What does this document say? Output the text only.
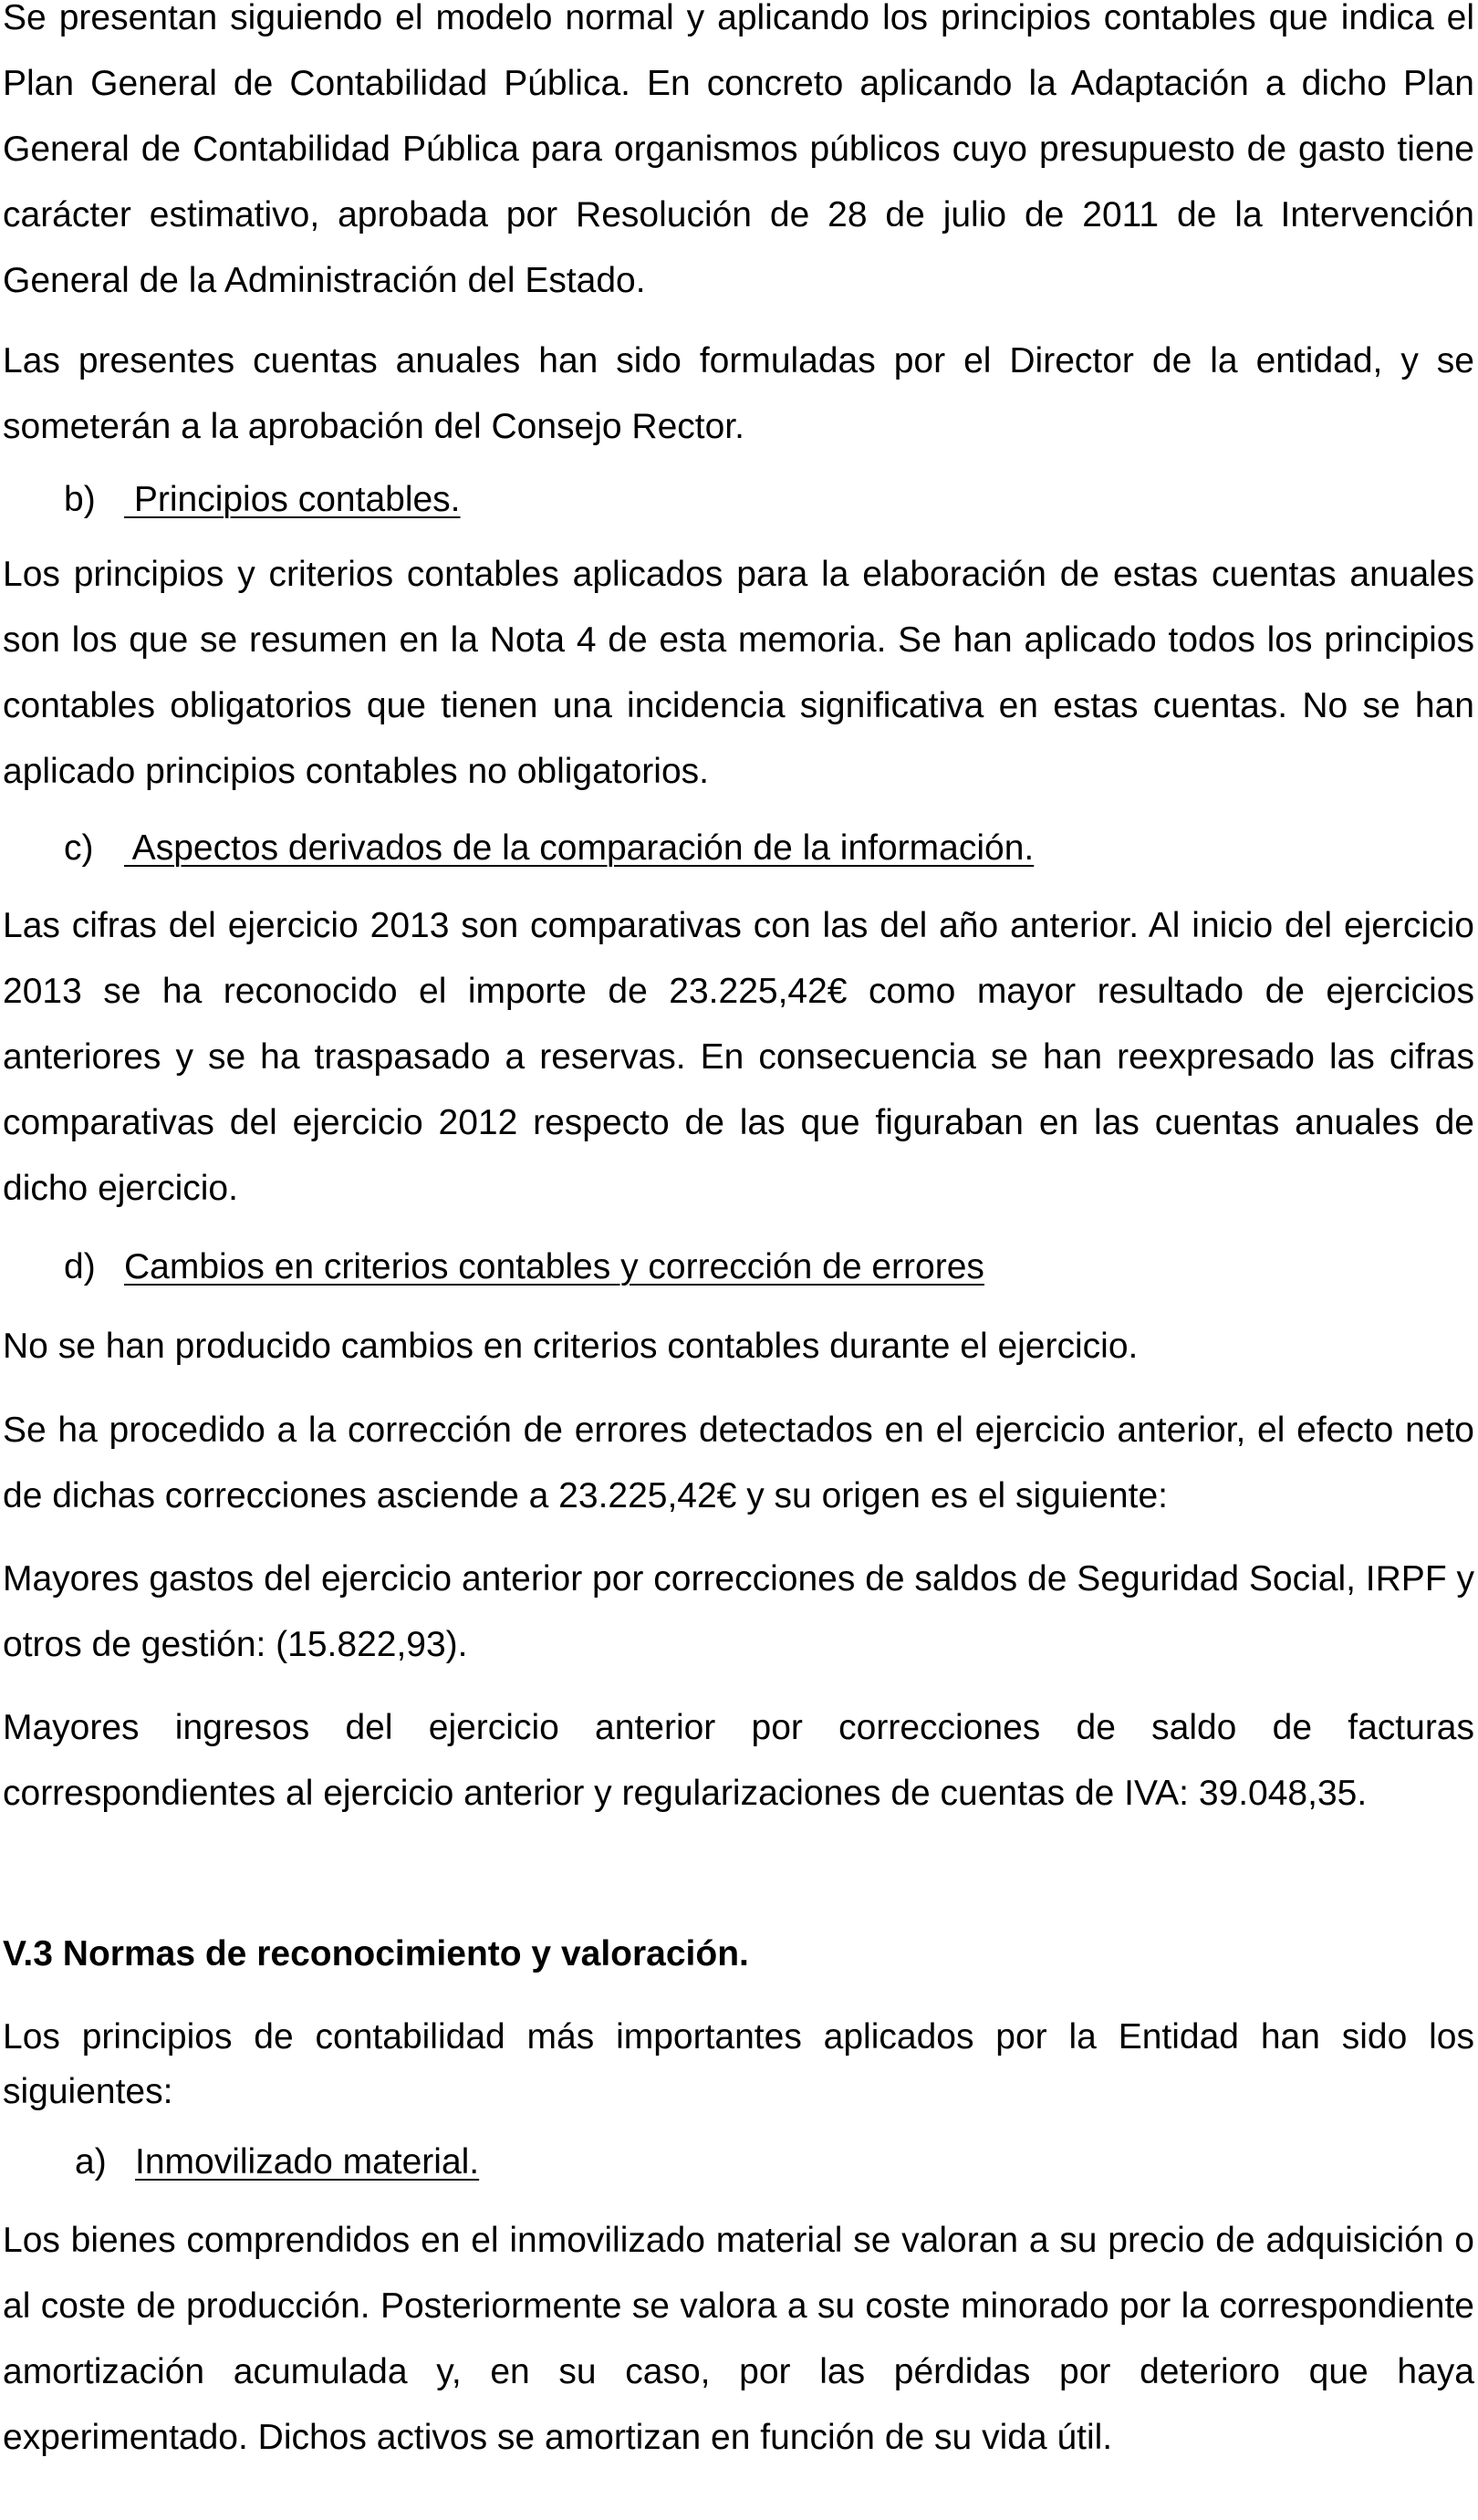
Se presentan siguiendo el modelo normal y aplicando los principios contables que indica el Plan General de Contabilidad Pública. En concreto aplicando la Adaptación a dicho Plan General de Contabilidad Pública para organismos públicos cuyo presupuesto de gasto tiene carácter estimativo, aprobada por Resolución de 28 de julio de 2011 de la Intervención General de la Administración del Estado.

Las presentes cuentas anuales han sido formuladas por el Director de la entidad, y se someterán a la aprobación del Consejo Rector.

b) Principios contables.

Los principios y criterios contables aplicados para la elaboración de estas cuentas anuales son los que se resumen en la Nota 4 de esta memoria. Se han aplicado todos los principios contables obligatorios que tienen una incidencia significativa en estas cuentas. No se han aplicado principios contables no obligatorios.

c) Aspectos derivados de la comparación de la información.

Las cifras del ejercicio 2013 son comparativas con las del año anterior. Al inicio del ejercicio 2013 se ha reconocido el importe de 23.225,42€ como mayor resultado de ejercicios anteriores y se ha traspasado a reservas. En consecuencia se han reexpresado las cifras comparativas del ejercicio 2012 respecto de las que figuraban en las cuentas anuales de dicho ejercicio.

d) Cambios en criterios contables y corrección de errores

No se han producido cambios en criterios contables durante el ejercicio.

Se ha procedido a la corrección de errores detectados en el ejercicio anterior, el efecto neto de dichas correcciones asciende a 23.225,42€ y su origen es el siguiente:

Mayores gastos del ejercicio anterior por correcciones de saldos de Seguridad Social, IRPF y otros de gestión: (15.822,93).

Mayores ingresos del ejercicio anterior por correcciones de saldo de facturas correspondientes al ejercicio anterior y regularizaciones de cuentas de IVA: 39.048,35.

V.3 Normas de reconocimiento y valoración.

Los principios de contabilidad más importantes aplicados por la Entidad han sido los siguientes:

a) Inmovilizado material.

Los bienes comprendidos en el inmovilizado material se valoran a su precio de adquisición o al coste de producción. Posteriormente se valora a su coste minorado por la correspondiente amortización acumulada y, en su caso, por las pérdidas por deterioro que haya experimentado. Dichos activos se amortizan en función de su vida útil.
